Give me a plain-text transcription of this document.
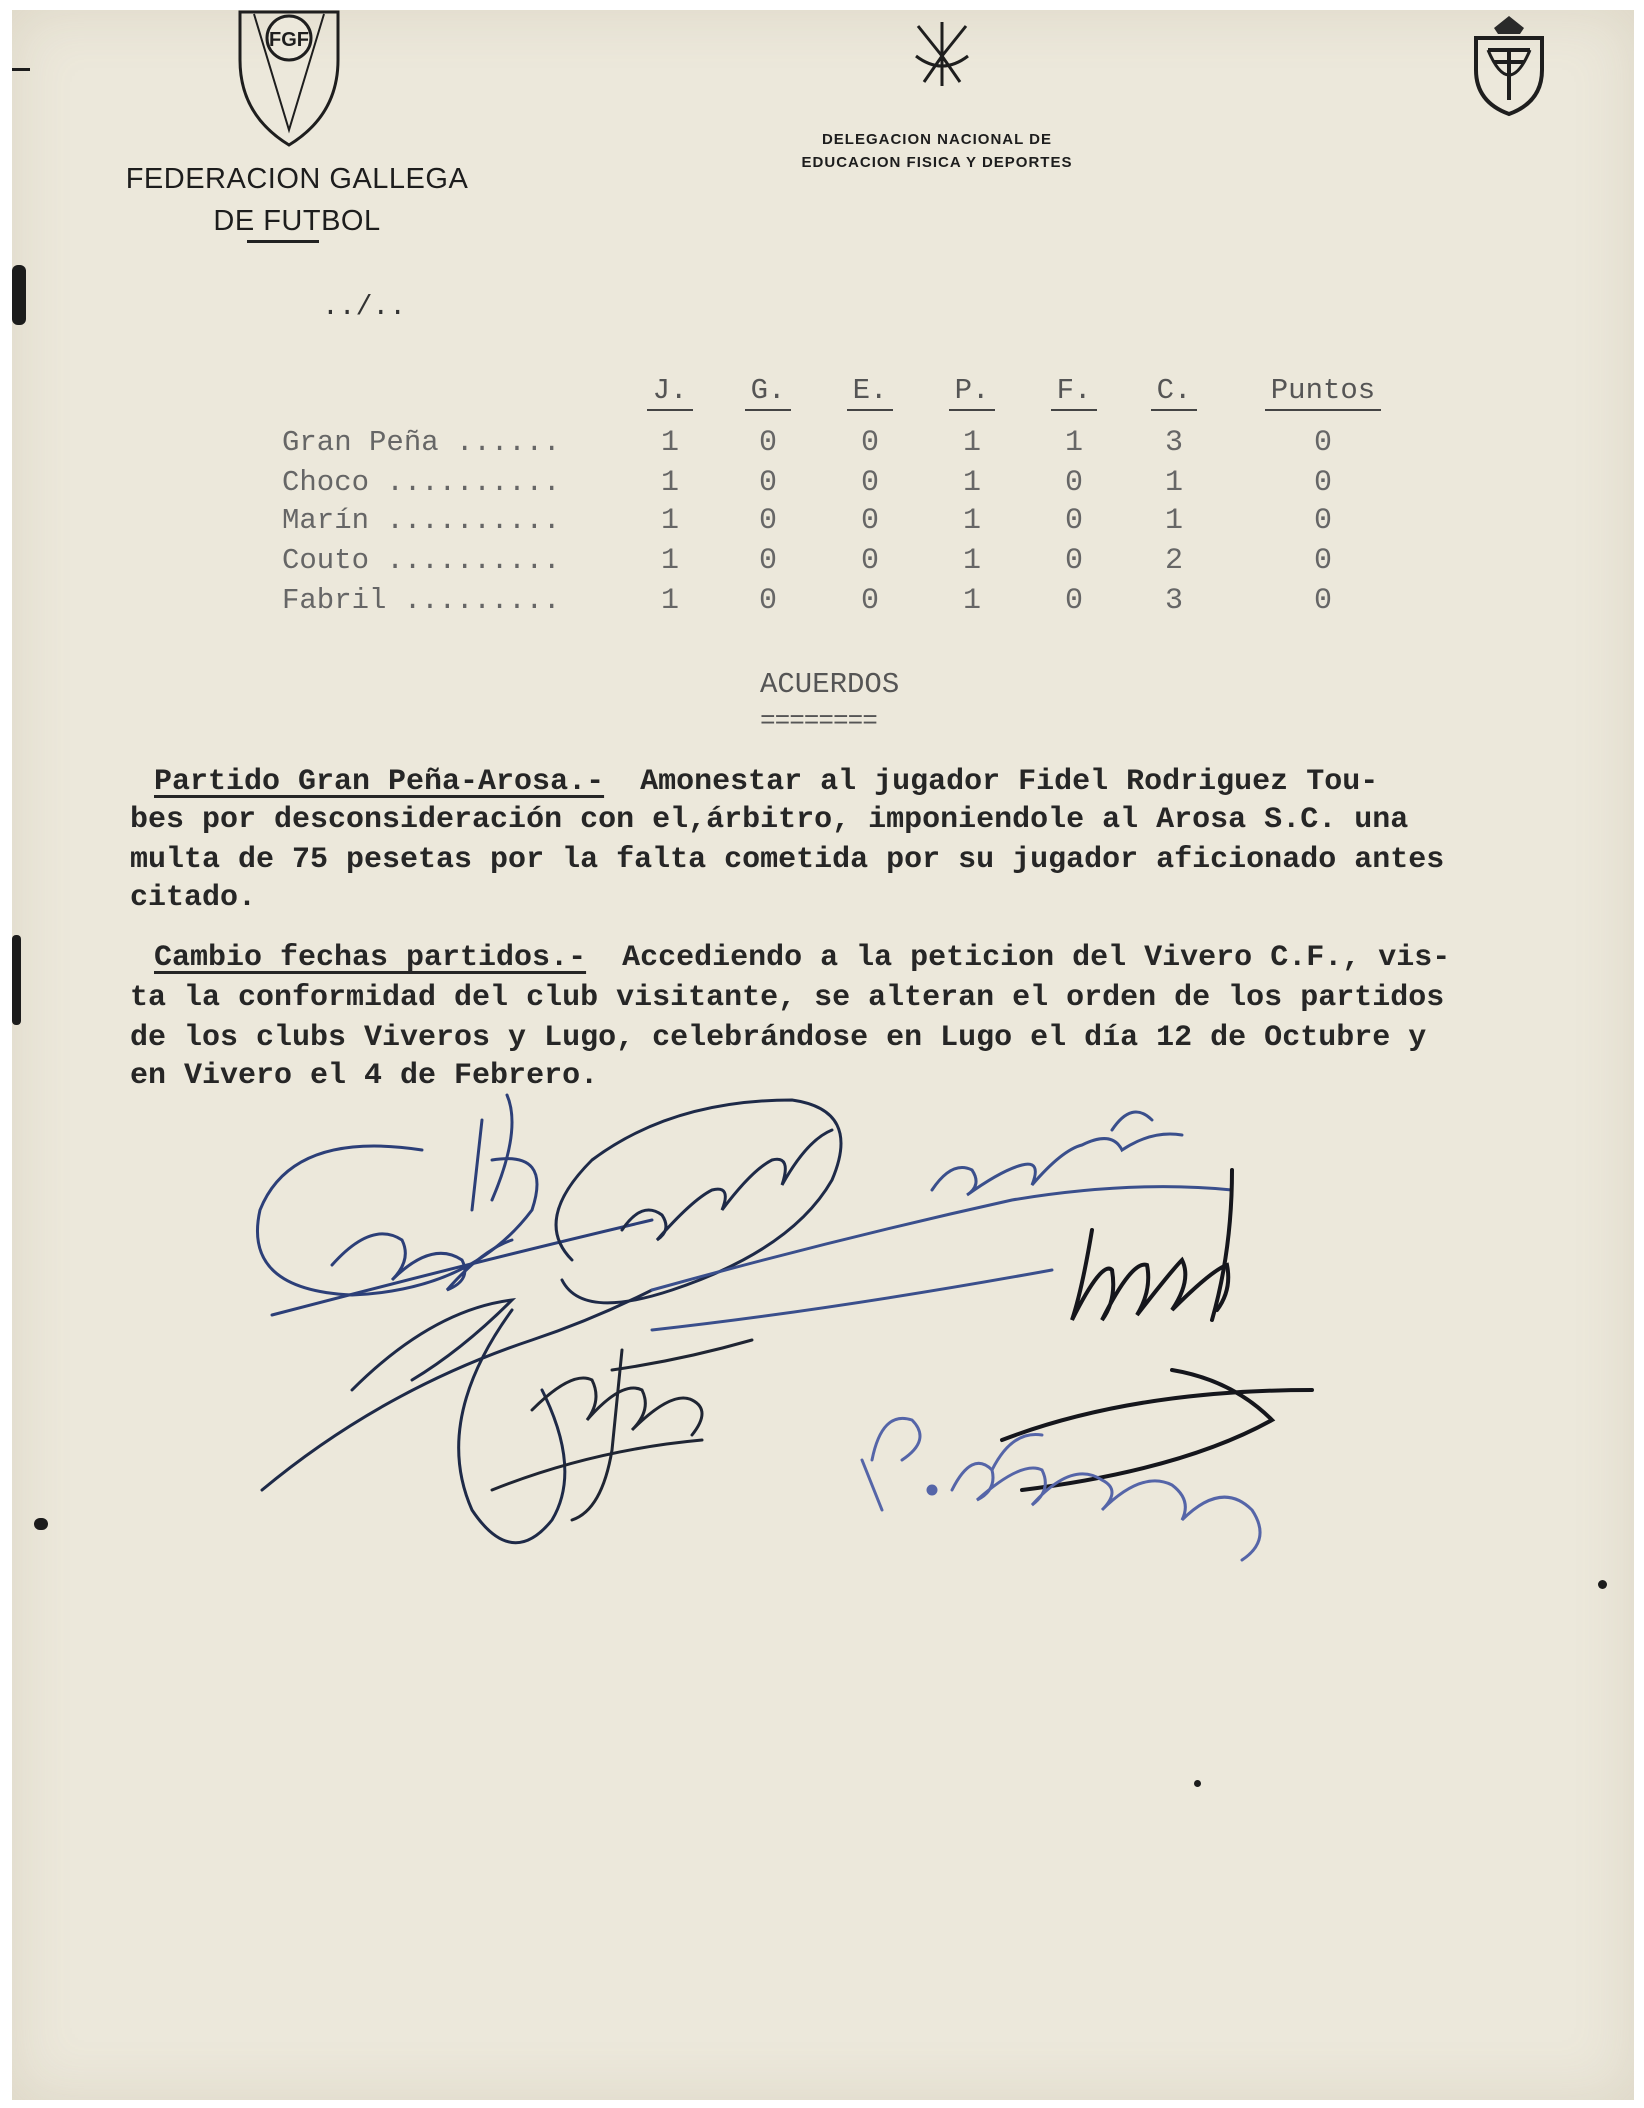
FGF
FEDERACION GALLEGA
DE FUTBOL
DELEGACION NACIONAL DE
EDUCACION FISICA Y DEPORTES
../..
J.	G.	E.	P.	F.	C.	Puntos
Gran Peña ......	1	0	0	1	1	3	0
Choco ..........	1	0	0	1	0	1	0
Marín ..........	1	0	0	1	0	1	0
Couto ..........	1	0	0	1	0	2	0
Fabril .........	1	0	0	1	0	3	0
ACUERDOS
========
Partido Gran Peña-Arosa.-  Amonestar al jugador Fidel Rodriguez Tou-
bes por desconsideración con el,árbitro, imponiendole al Arosa S.C. una
multa de 75 pesetas por la falta cometida por su jugador aficionado antes
citado.
Cambio fechas partidos.-  Accediendo a la peticion del Vivero C.F., vis-
ta la conformidad del club visitante, se alteran el orden de los partidos
de los clubs Viveros y Lugo, celebrándose en Lugo el día 12 de Octubre y
en Vivero el 4 de Febrero.
